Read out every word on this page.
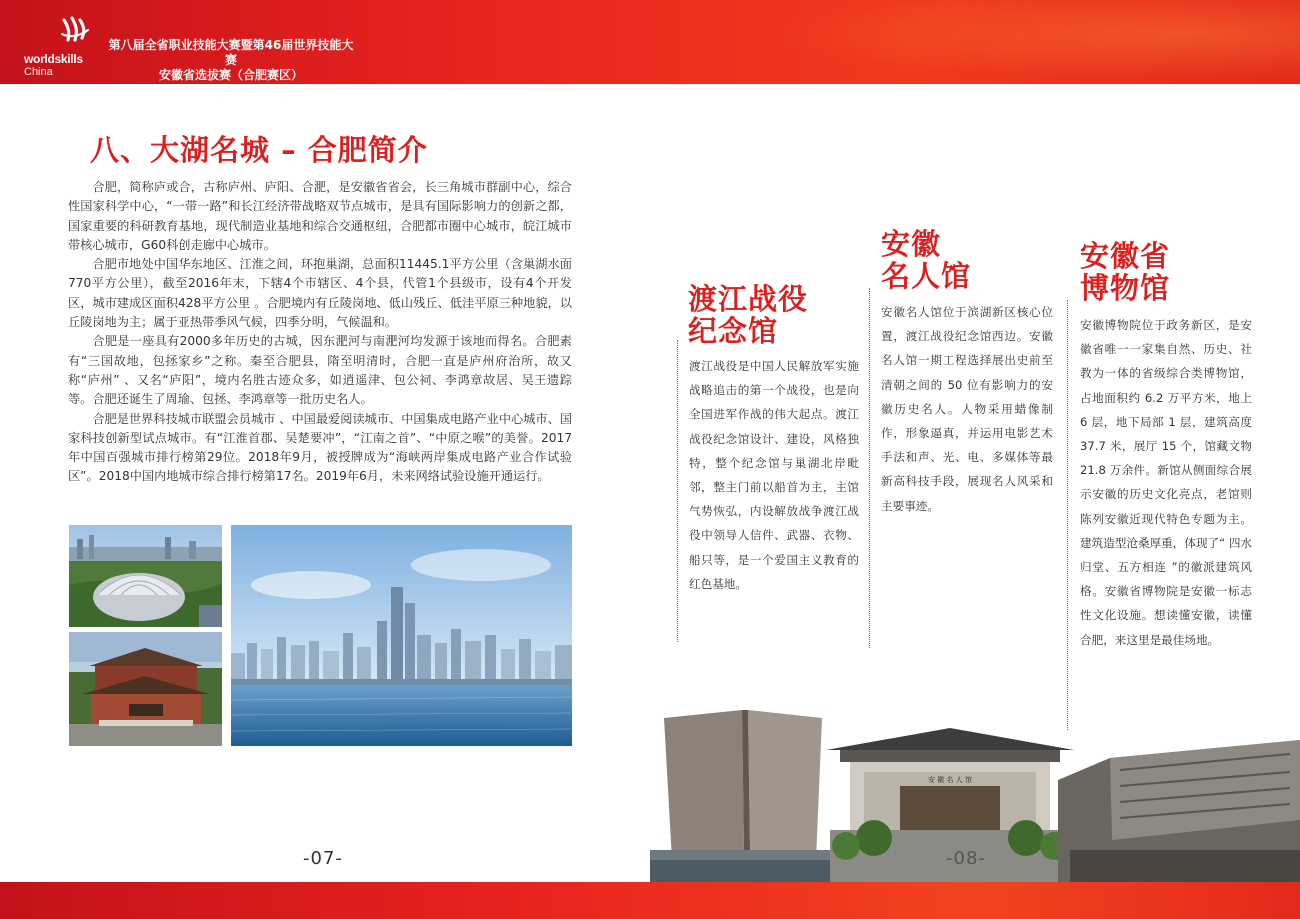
worldskills
China
第八届全省职业技能大赛暨第46届世界技能大赛
安徽省选拔赛（合肥赛区）
八、大湖名城 – 合肥简介

合肥，简称庐或合，古称庐州、庐阳、合淝，是安徽省省会，长三角城市群副中心，综合性国家科学中心，“一带一路”和长江经济带战略双节点城市，是具有国际影响力的创新之都，国家重要的科研教育基地，现代制造业基地和综合交通枢纽，合肥都市圈中心城市，皖江城市带核心城市，G60科创走廊中心城市。

合肥市地处中国华东地区、江淮之间，环抱巢湖，总面积11445.1平方公里（含巢湖水面770平方公里），截至2016年末，下辖4个市辖区、4个县，代管1个县级市，设有4个开发区，城市建成区面积428平方公里 。合肥境内有丘陵岗地、低山残丘、低洼平原三种地貌，以丘陵岗地为主；属于亚热带季风气候，四季分明，气候温和。

合肥是一座具有2000多年历史的古城，因东淝河与南淝河均发源于该地而得名。合肥素有“三国故地，包拯家乡”之称。秦至合肥县，隋至明清时，合肥一直是庐州府治所，故又称“庐州” 、又名“庐阳”，境内名胜古迹众多，如逍遥津、包公祠、李鸿章故居、吴王遗踪等。合肥还诞生了周瑜、包拯、李鸿章等一批历史名人。

合肥是世界科技城市联盟会员城市 、中国最爱阅读城市、中国集成电路产业中心城市、国家科技创新型试点城市。有“江淮首郡、吴楚要冲”，“江南之首”、“中原之喉”的美誉。2017年中国百强城市排行榜第29位。2018年9月，被授牌成为“海峡两岸集成电路产业合作试验区”。2018中国内地城市综合排行榜第17名。2019年6月，未来网络试验设施开通运行。

-07-
渡江战役
纪念馆
渡江战役是中国人民解放军实施战略追击的第一个战役，也是向全国进军作战的伟大起点。渡江战役纪念馆设计、建设，风格独特，整个纪念馆与巢湖北岸毗邻，整主门前以船首为主，主馆气势恢弘，内设解放战争渡江战役中领导人信件、武器、衣物、船只等，是一个爱国主义教育的红色基地。
安徽
名人馆
安徽名人馆位于滨湖新区核心位置，渡江战役纪念馆西边。安徽名人馆一期工程选择展出史前至清朝之间的 50 位有影响力的安徽历史名人。人物采用蜡像制作，形象逼真，并运用电影艺术手法和声、光、电、多媒体等最新高科技手段，展现名人风采和主要事迹。
安徽省
博物馆
安徽博物院位于政务新区，是安徽省唯一一家集自然、历史、社教为一体的省级综合类博物馆，占地面积约 6.2 万平方米，地上 6 层，地下局部 1 层，建筑高度 37.7 米，展厅 15 个，馆藏文物 21.8 万余件。新馆从侧面综合展示安徽的历史文化亮点，老馆则陈列安徽近现代特色专题为主。建筑造型沧桑厚重，体现了“ 四水归堂、五方相连 ”的徽派建筑风格。安徽省博物院是安徽一标志性文化设施。想读懂安徽，读懂合肥，来这里是最佳场地。
安 徽 名 人 馆
-08-
